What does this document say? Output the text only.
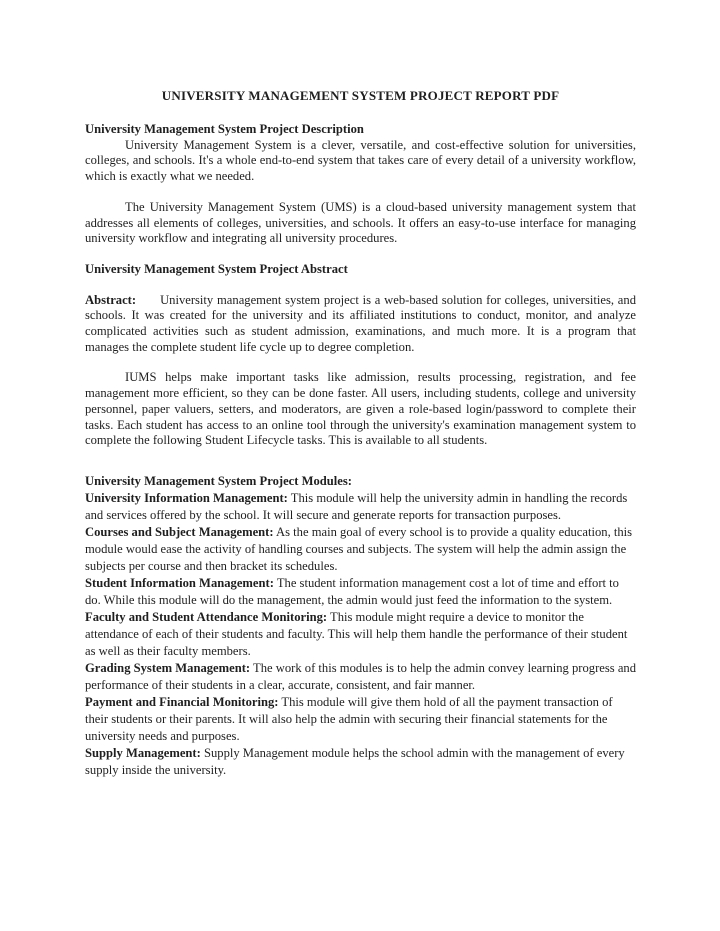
UNIVERSITY MANAGEMENT SYSTEM PROJECT REPORT PDF
University Management System Project Description

University Management System is a clever, versatile, and cost-effective solution for universities, colleges, and schools. It's a whole end-to-end system that takes care of every detail of a university workflow, which is exactly what we needed.

The University Management System (UMS) is a cloud-based university management system that addresses all elements of colleges, universities, and schools. It offers an easy-to-use interface for managing university workflow and integrating all university procedures.

University Management System Project Abstract

Abstract: University management system project is a web-based solution for colleges, universities, and schools. It was created for the university and its affiliated institutions to conduct, monitor, and analyze complicated activities such as student admission, examinations, and much more. It is a program that manages the complete student life cycle up to degree completion.

IUMS helps make important tasks like admission, results processing, registration, and fee management more efficient, so they can be done faster. All users, including students, college and university personnel, paper valuers, setters, and moderators, are given a role-based login/password to complete their tasks. Each student has access to an online tool through the university's examination management system to complete the following Student Lifecycle tasks. This is available to all students.

University Management System Project Modules:

University Information Management: This module will help the university admin in handling the records and services offered by the school. It will secure and generate reports for transaction purposes.

Courses and Subject Management: As the main goal of every school is to provide a quality education, this module would ease the activity of handling courses and subjects. The system will help the admin assign the subjects per course and then bracket its schedules.

Student Information Management: The student information management cost a lot of time and effort to do. While this module will do the management, the admin would just feed the information to the system.

Faculty and Student Attendance Monitoring: This module might require a device to monitor the attendance of each of their students and faculty. This will help them handle the performance of their student as well as their faculty members.

Grading System Management: The work of this modules is to help the admin convey learning progress and performance of their students in a clear, accurate, consistent, and fair manner.

Payment and Financial Monitoring: This module will give them hold of all the payment transaction of their students or their parents. It will also help the admin with securing their financial statements for the university needs and purposes.

Supply Management: Supply Management module helps the school admin with the management of every supply inside the university.
